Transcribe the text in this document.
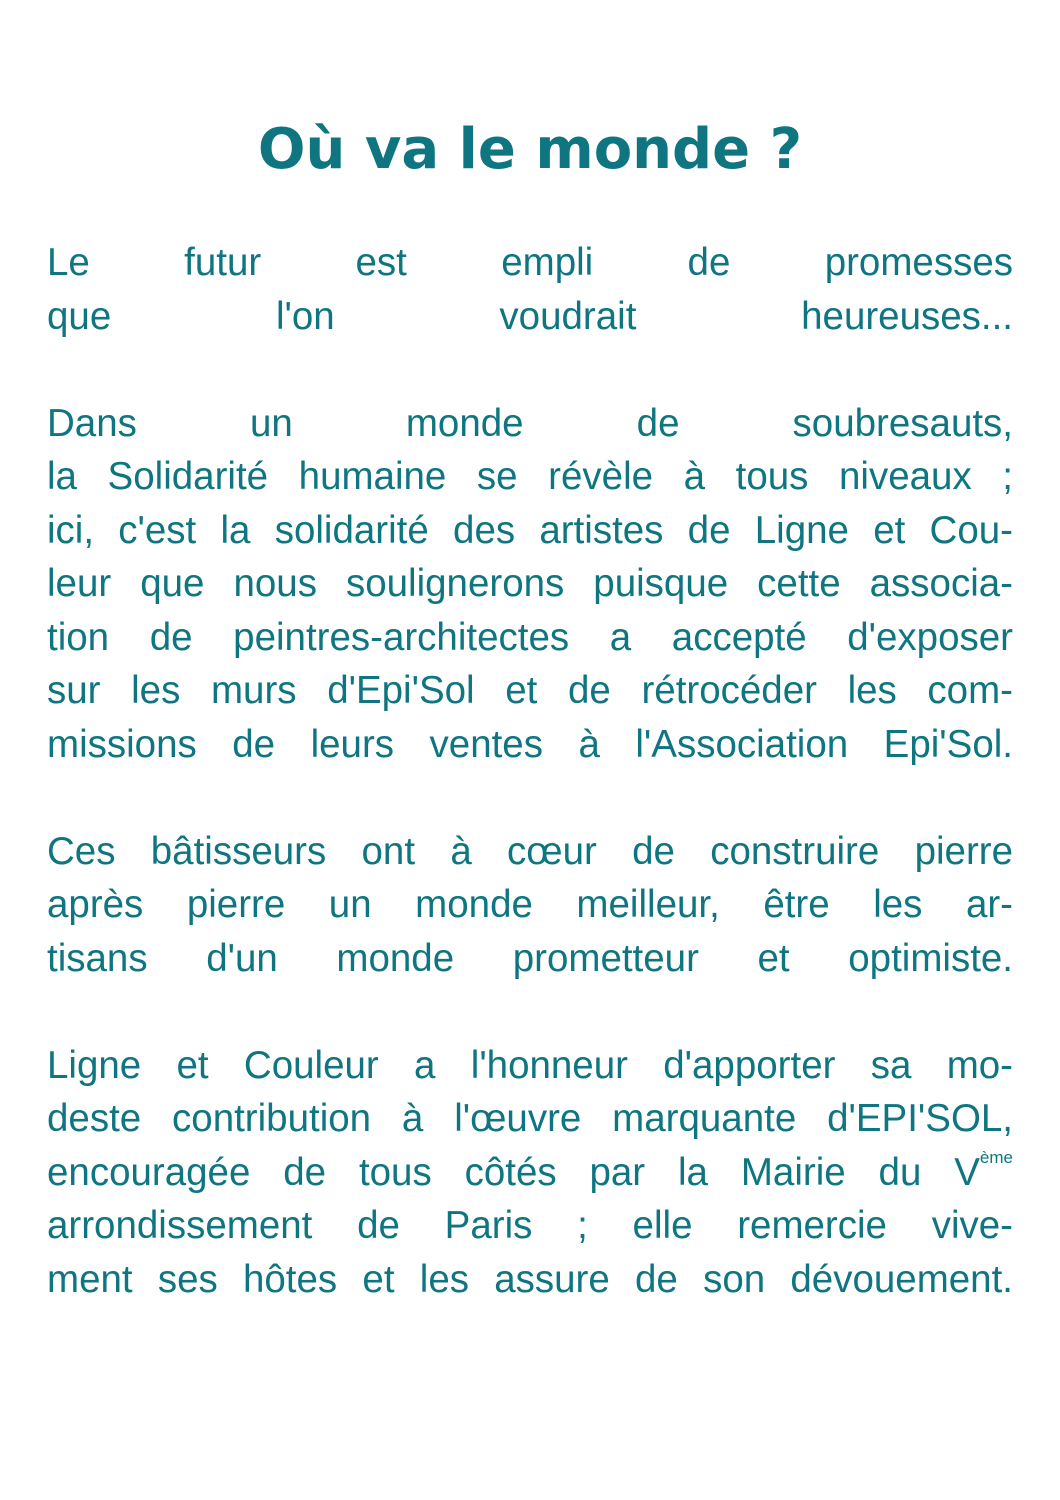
Où va le monde ?
Le futur est empli de promesses
que l'on voudrait heureuses...
Dans un monde de soubresauts,
la Solidarité humaine se révèle à tous niveaux ;
ici, c'est la solidarité des artistes de Ligne et Cou-
leur que nous soulignerons puisque cette associa-
tion de peintres-architectes a accepté d'exposer
sur les murs d'Epi'Sol et de rétrocéder les com-
missions de leurs ventes à l'Association Epi'Sol.
Ces bâtisseurs ont à cœur de construire pierre
après pierre un monde meilleur, être les ar-
tisans d'un monde prometteur et optimiste.
Ligne et Couleur a l'honneur d'apporter sa mo-
deste contribution à l'œuvre marquante d'EPI'SOL,
encouragée de tous côtés par la Mairie du Vème
arrondissement de Paris ; elle remercie vive-
ment ses hôtes et les assure de son dévouement.
